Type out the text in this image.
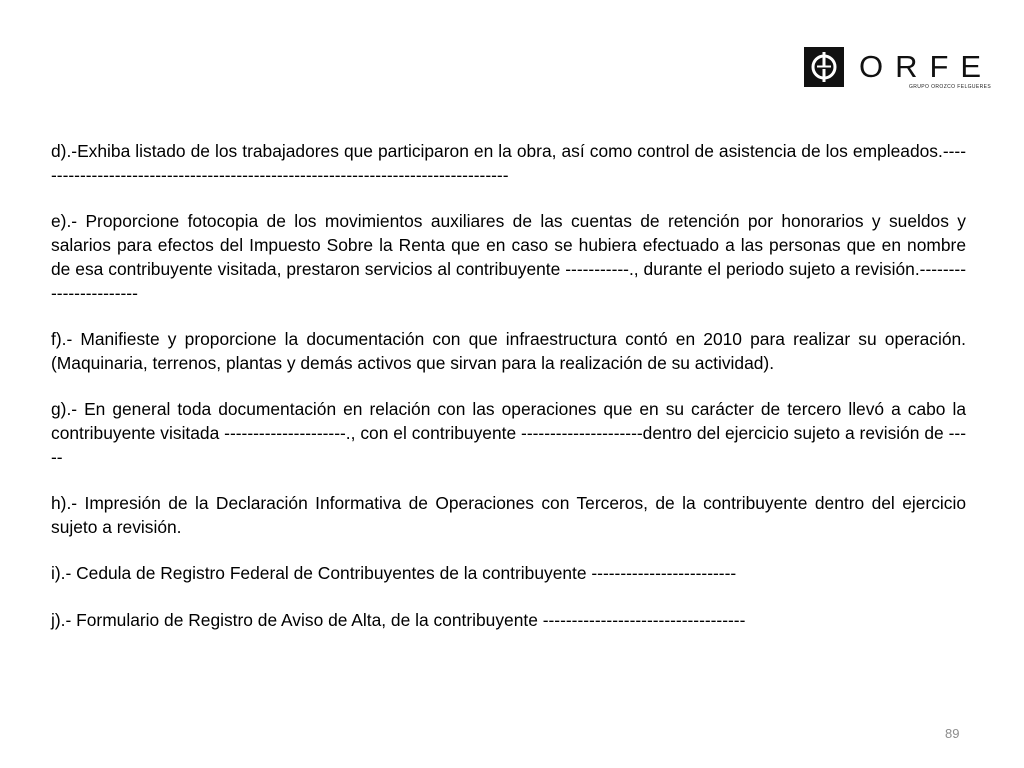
ORFE
GRUPO OROZCO FELGUERES

d).-Exhiba listado de los trabajadores que participaron en la obra, así como control de asistencia de los empleados.-----------------------------------------------------------------------------------

e).- Proporcione fotocopia de los movimientos auxiliares de las cuentas de retención por honorarios y sueldos y salarios para efectos del Impuesto Sobre la Renta que en caso se hubiera efectuado a las personas que en nombre de esa contribuyente visitada, prestaron servicios al contribuyente -----------., durante el periodo sujeto a revisión.-----------------------

f).- Manifieste y proporcione la documentación con que infraestructura contó en 2010 para realizar su operación. (Maquinaria, terrenos, plantas y demás activos que sirvan para la realización de su actividad).

g).- En general toda documentación en relación con las operaciones que en su carácter de tercero llevó a cabo la contribuyente visitada ---------------------., con el contribuyente ---------------------dentro del ejercicio sujeto a revisión de -----

h).- Impresión de la Declaración Informativa de Operaciones con Terceros, de la contribuyente dentro del ejercicio sujeto a revisión.

i).- Cedula de Registro Federal de Contribuyentes de la contribuyente -------------------------

j).- Formulario de Registro de Aviso de Alta, de la contribuyente -----------------------------------

89
